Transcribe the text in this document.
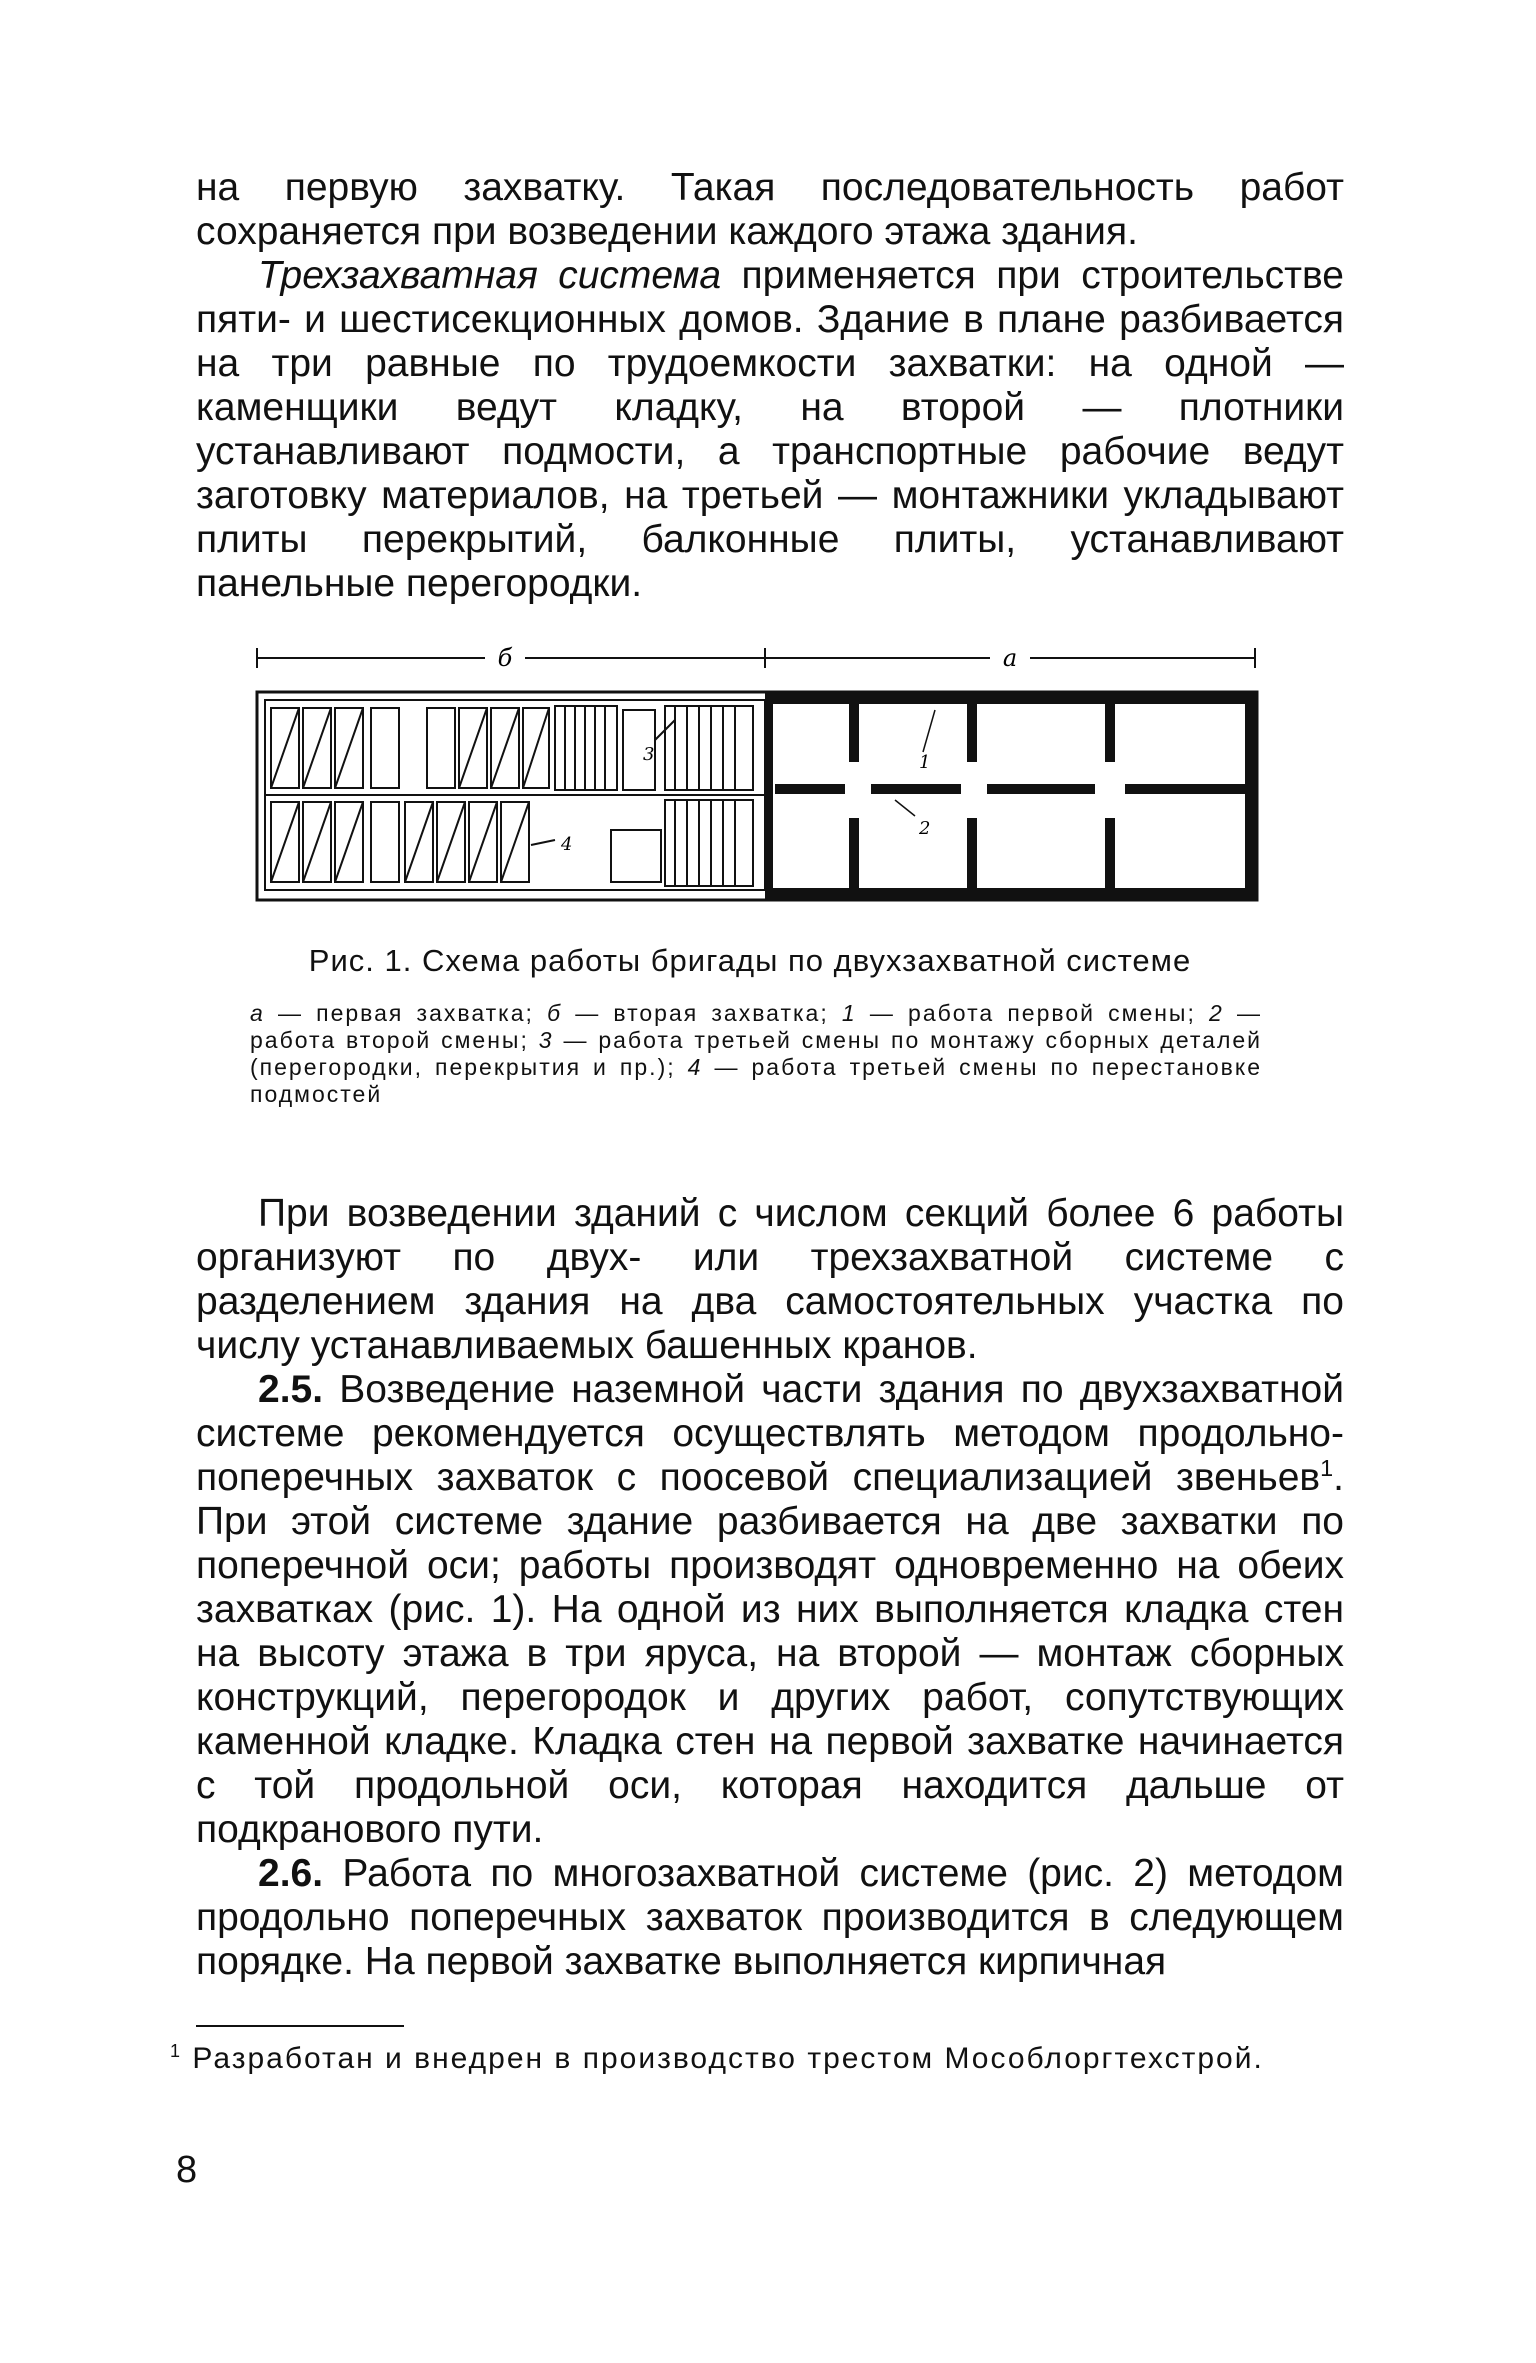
на первую захватку. Такая последовательность работ сохраняется при возведении каждого этажа здания.

Трехзахватная система применяется при строительстве пяти- и шестисекционных домов. Здание в плане разбивается на три равные по трудоемкости захватки: на одной — каменщики ведут кладку, на второй — плотники устанавливают подмости, а транспортные рабочие ведут заготовку материалов, на третьей — монтажники укладывают плиты перекрытий, балконные плиты, устанавливают панельные перегородки.

б	а
3
4
1
2

Рис. 1. Схема работы бригады по двухзахватной системе

а — первая захватка; б — вторая захватка; 1 — работа первой смены; 2 — работа второй смены; 3 — работа третьей смены по монтажу сборных деталей (перегородки, перекрытия и пр.); 4 — работа третьей смены по перестановке подмостей

При возведении зданий с числом секций более 6 работы организуют по двух- или трехзахватной системе с разделением здания на два самостоятельных участка по числу устанавливаемых башенных кранов.

2.5. Возведение наземной части здания по двухзахватной системе рекомендуется осуществлять методом продольно-поперечных захваток с поосевой специализацией звеньев$^1$. При этой системе здание разбивается на две захватки по поперечной оси; работы производят одновременно на обеих захватках (рис. 1). На одной из них выполняется кладка стен на высоту этажа в три яруса, на второй — монтаж сборных конструкций, перегородок и других работ, сопутствующих каменной кладке. Кладка стен на первой захватке начинается с той продольной оси, которая находится дальше от подкранового пути.

2.6. Работа по многозахватной системе (рис. 2) методом продольно поперечных захваток производится в следующем порядке. На первой захватке выполняется кирпичная

$^1$ Разработан и внедрен в производство трестом Мособлоргтехстрой.

8
